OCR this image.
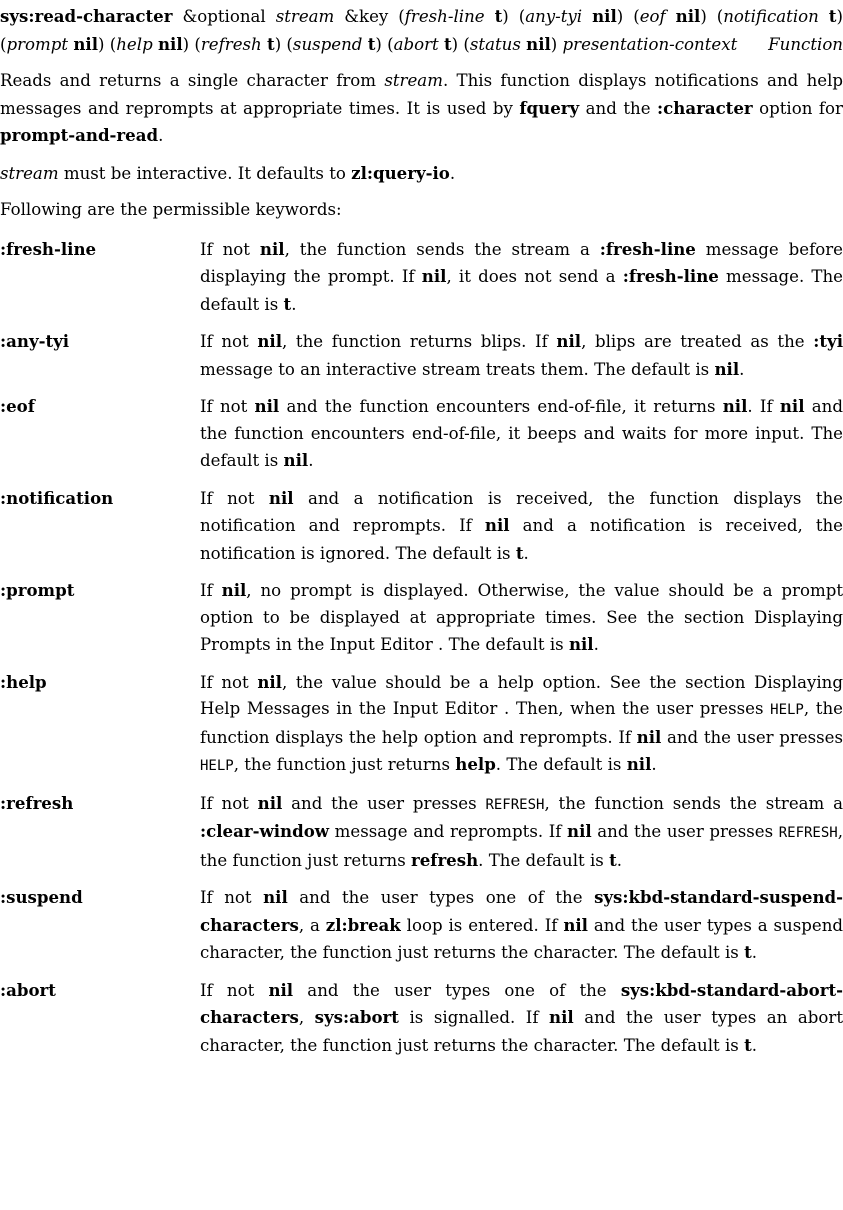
sys:read-character &optional stream &key (fresh-line t) (any-tyi nil) (eof nil) (notification t) (prompt nil) (help nil) (refresh t) (suspend t) (abort t) (status nil) presentation-context	Function

Reads and returns a single character from stream. This function displays notifications and help messages and reprompts at appropriate times. It is used by fquery and the :character option for prompt-and-read.

stream must be interactive. It defaults to zl:query-io.

Following are the permissible keywords:

:fresh-line	If not nil, the function sends the stream a :fresh-line message before displaying the prompt. If nil, it does not send a :fresh-line message. The default is t.
:any-tyi	If not nil, the function returns blips. If nil, blips are treated as the :tyi message to an interactive stream treats them. The default is nil.
:eof	If not nil and the function encounters end-of-file, it returns nil. If nil and the function encounters end-of-file, it beeps and waits for more input. The default is nil.
:notification	If not nil and a notification is received, the function displays the notification and reprompts. If nil and a notification is received, the notification is ignored. The default is t.
:prompt	If nil, no prompt is displayed. Otherwise, the value should be a prompt option to be displayed at appropriate times. See the section Displaying Prompts in the Input Editor . The default is nil.
:help	If not nil, the value should be a help option. See the section Displaying Help Messages in the Input Editor . Then, when the user presses HELP, the function displays the help option and reprompts. If nil and the user presses HELP, the function just returns help. The default is nil.
:refresh	If not nil and the user presses REFRESH, the function sends the stream a :clear-window message and reprompts. If nil and the user presses REFRESH, the function just returns refresh. The default is t.
:suspend	If not nil and the user types one of the sys:kbd-standard-suspend-characters, a zl:break loop is entered. If nil and the user types a suspend character, the function just returns the character. The default is t.
:abort	If not nil and the user types one of the sys:kbd-standard-abort-characters, sys:abort is signalled. If nil and the user types an abort character, the function just returns the character. The default is t.
